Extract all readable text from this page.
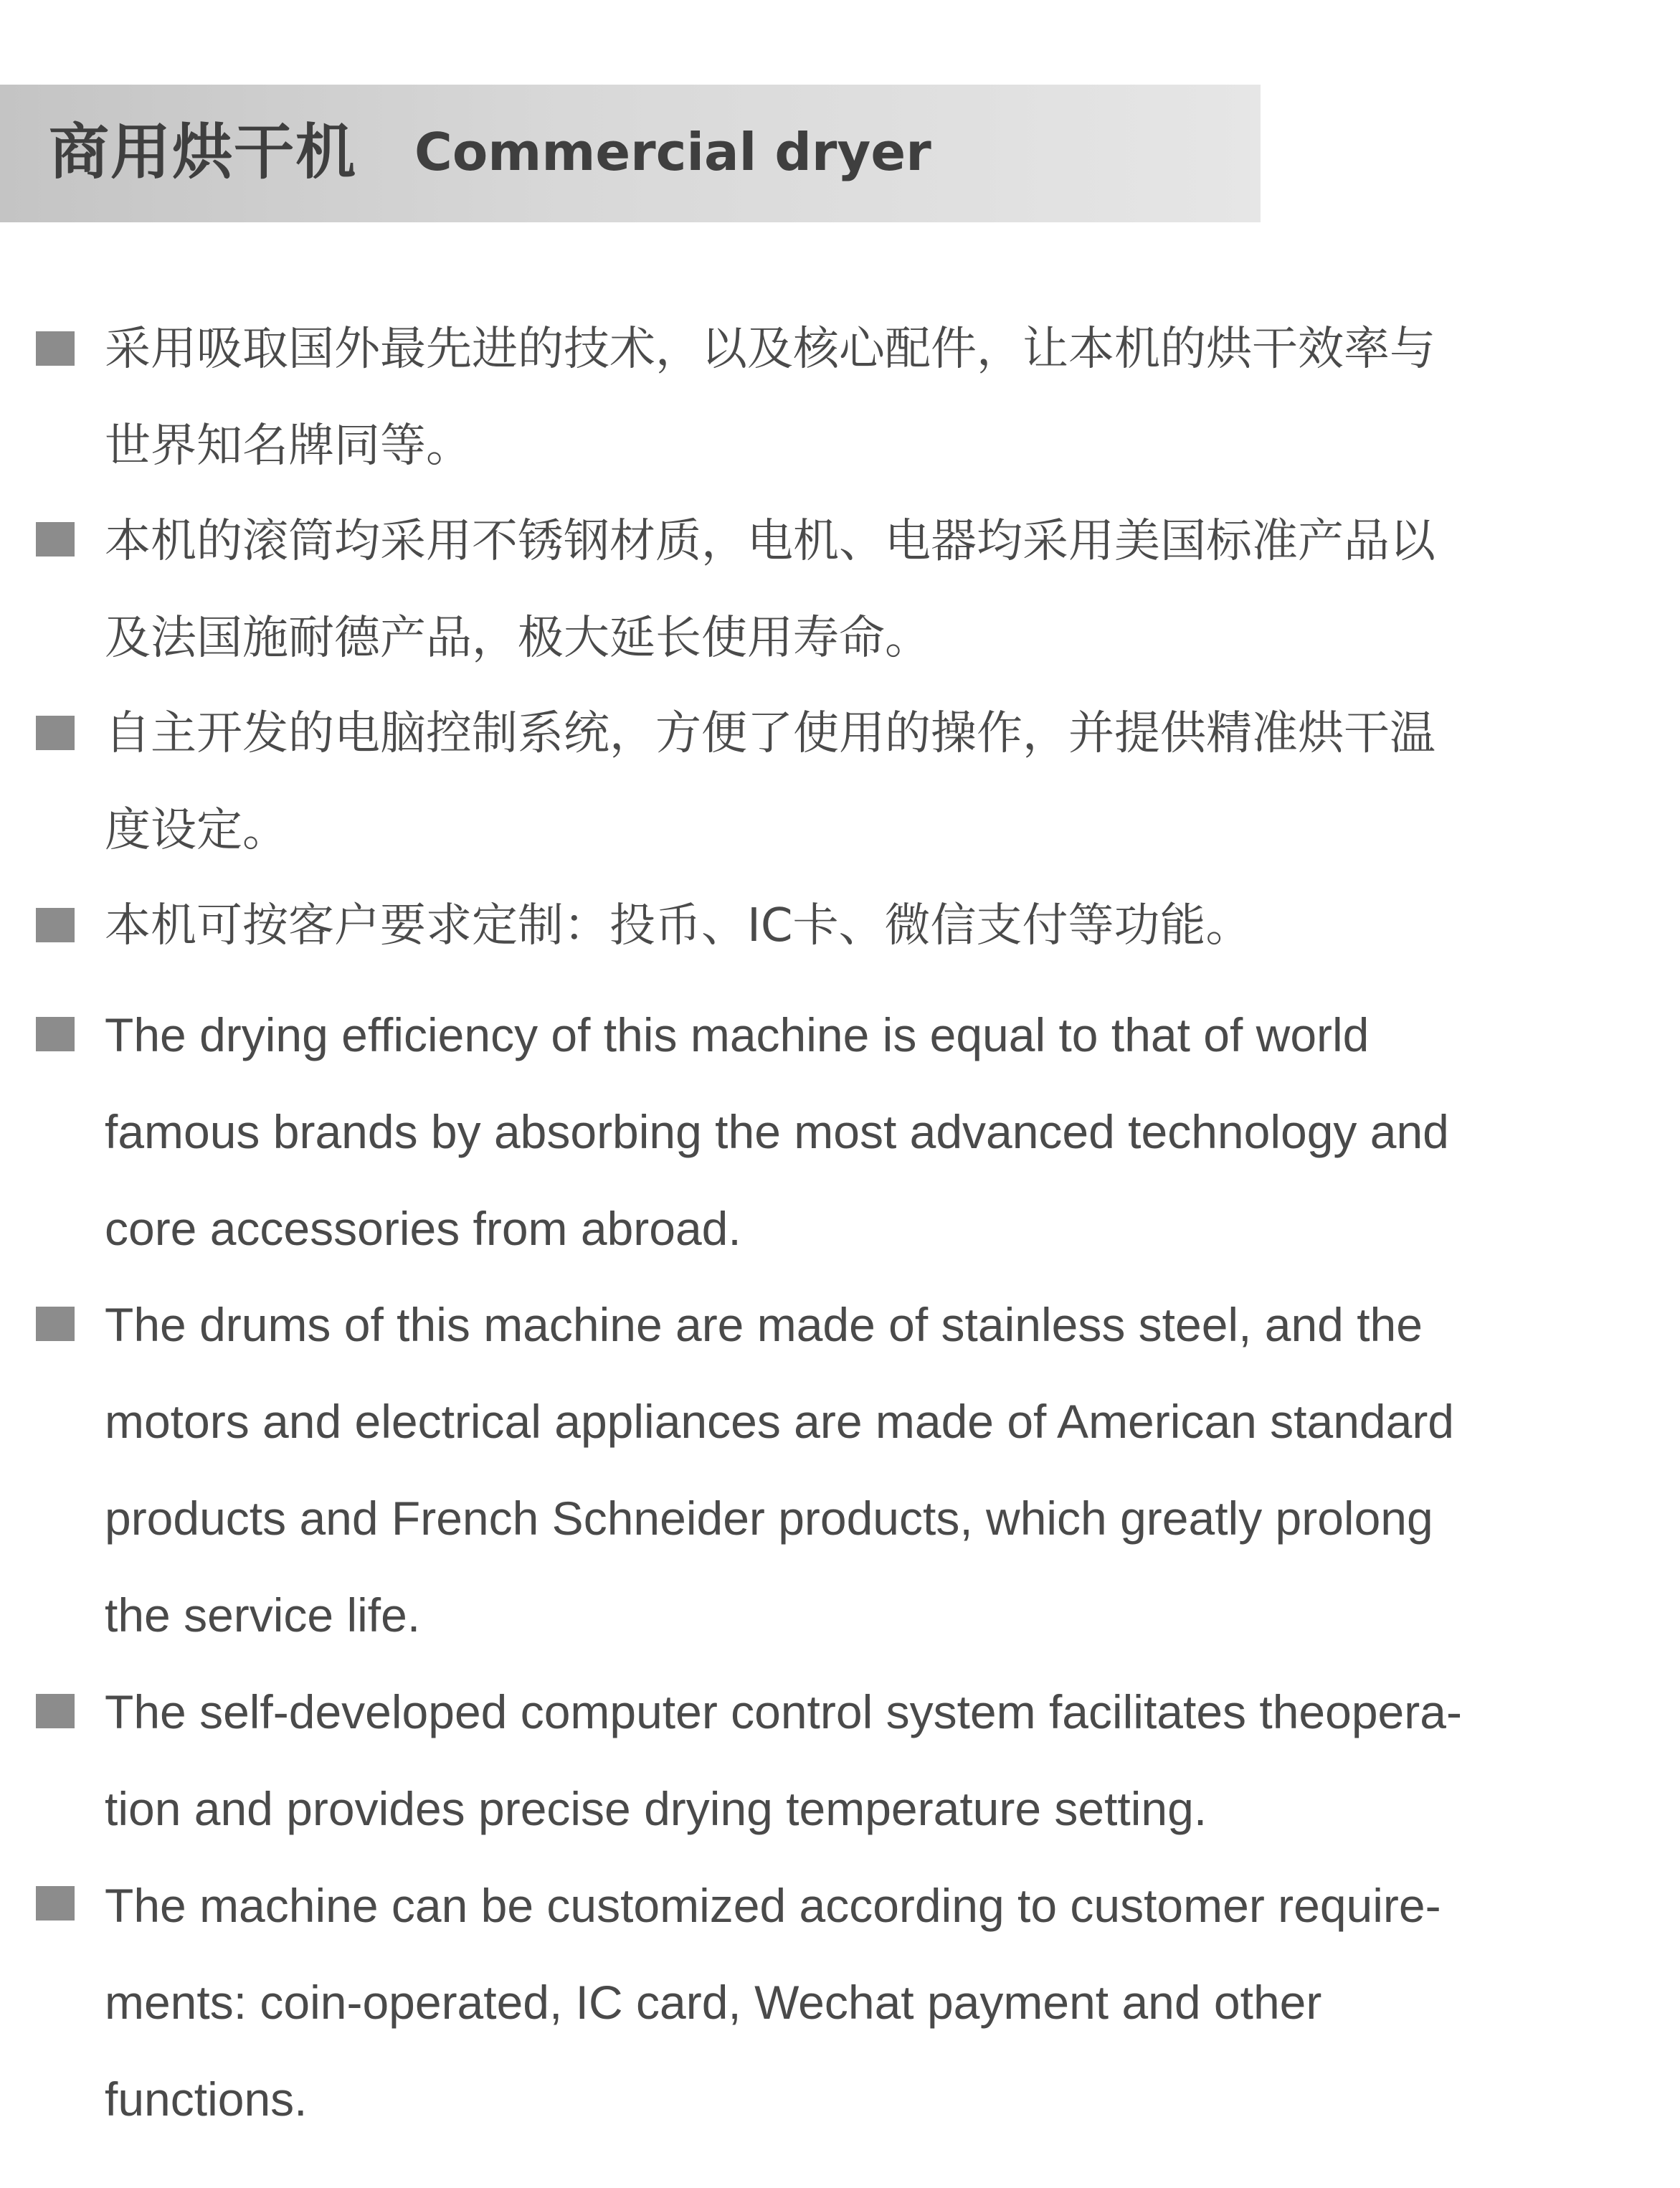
商用烘干机 Commercial dryer

采用吸取国外最先进的技术，以及核心配件，让本机的烘干效率与
世界知名牌同等。

本机的滚筒均采用不锈钢材质，电机、电器均采用美国标准产品以
及法国施耐德产品，极大延长使用寿命。

自主开发的电脑控制系统，方便了使用的操作，并提供精准烘干温
度设定。

本机可按客户要求定制：投币、IC卡、微信支付等功能。

The drying efficiency of this machine is equal to that of world
famous brands by absorbing the most advanced technology and
core accessories from abroad.

The drums of this machine are made of stainless steel, and the
motors and electrical appliances are made of American standard
products and French Schneider products, which greatly prolong
the service life.

The self-developed computer control system facilitates theopera-
tion and provides precise drying temperature setting.

The machine can be customized according to customer require-
ments: coin-operated, IC card, Wechat payment and other
functions.
